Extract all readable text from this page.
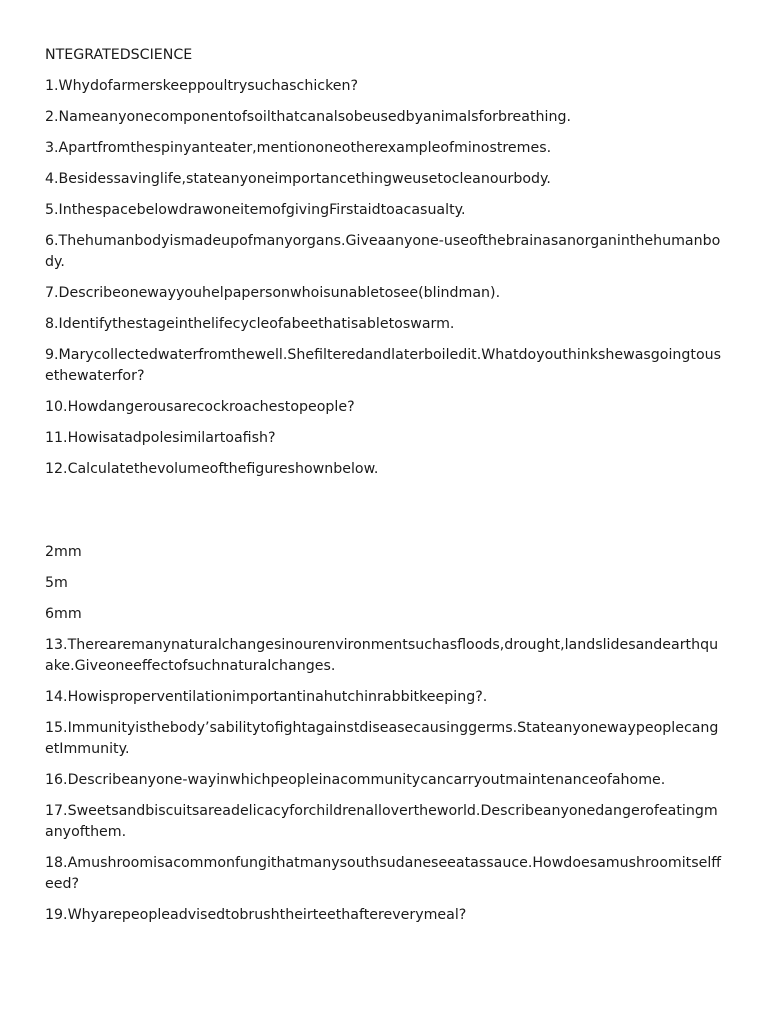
NTEGRATEDSCIENCE
1.Whydofarmerskeeppoultrysuchaschicken?
2.Nameanyonecomponentofsoilthatcanalsobeusedbyanimalsforbreathing.
3.Apartfromthespinyanteater,mentiononeotherexampleofminostremes.
4.Besidessavinglife,stateanyoneimportancethingweusetocleanourbody.
5.InthespacebelowdrawoneitemofgivingFirstaidtoacasualty.
6.Thehumanbodyismadeupofmanyorgans.Giveaanyone-useofthebrainasanorganinthehumanbody.
7.Describeonewayyouhelpapersonwhoisunabletosee(blindman).
8.Identifythestageinthelifecycleofabeethatisabletoswarm.
9.Marycollectedwaterfromthewell.Shefilteredandlaterboiledit.Whatdoyouthinkshewasgoingtousethewaterfor?
10.Howdangerousarecockroachestopeople?
11.Howisatadpolesimilartoafish?
12.Calculatethevolumeofthefigureshownbelow.
2mm
5m
6mm
13.Therearemanynaturalchangesinourenvironmentsuchasfloods,drought,landslidesandearthquake.Giveoneeffectofsuchnaturalchanges.
14.Howisproperventilationimportantinahutchinrabbitkeeping?.
15.Immunityisthebody’sabilitytofightagainstdiseasecausinggerms.StateanyonewaypeoplecangetImmunity.
16.Describeanyone-wayinwhichpeopleinacommunitycancarryoutmaintenanceofahome.
17.Sweetsandbiscuitsareadelicacyforchildrenallovertheworld.Describeanyonedangerofeatingmanyofthem.
18.Amushroomisacommonfungithatmanysouthsudaneseeatassauce.Howdoesamushroomitselffeed?
19.Whyarepeopleadvisedtobrushtheirteethaftereverymeal?
